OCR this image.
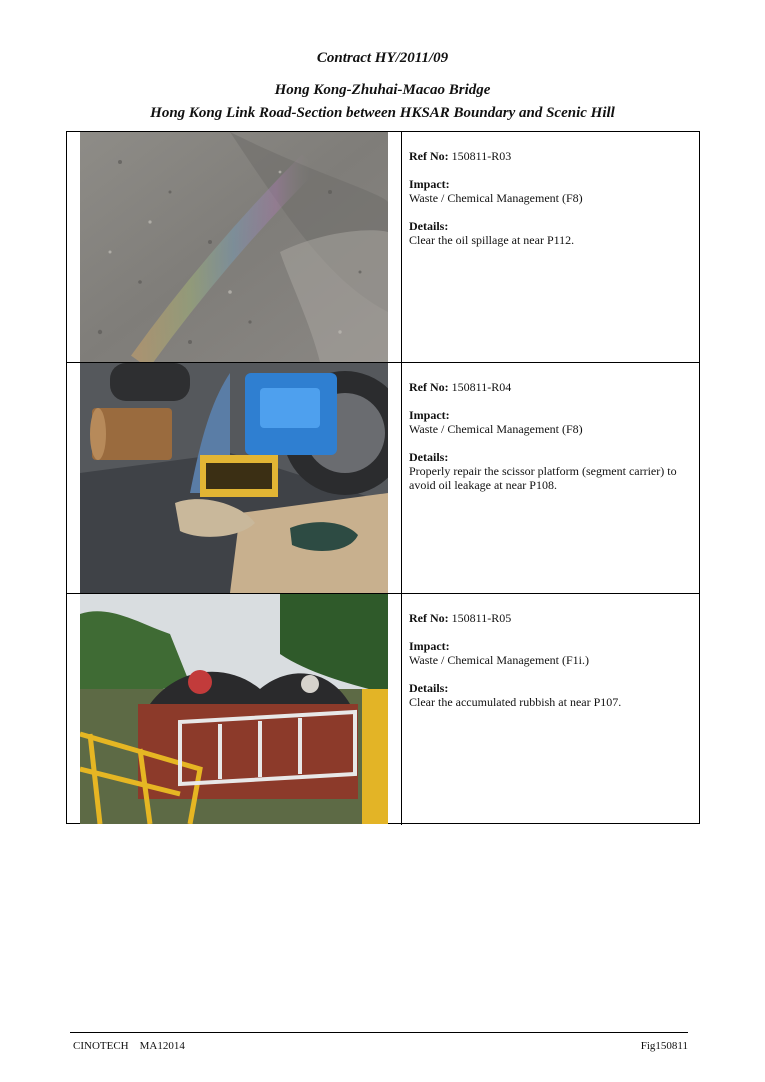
Contract HY/2011/09
Hong Kong-Zhuhai-Macao Bridge
Hong Kong Link Road-Section between HKSAR Boundary and Scenic Hill
Ref No: 150811-R03
Impact:
Waste / Chemical Management (F8)
Details:
Clear the oil spillage at near P112.
Ref No: 150811-R04
Impact:
Waste / Chemical Management (F8)
Details:
Properly repair the scissor platform (segment carrier) to avoid oil leakage at near P108.
Ref No: 150811-R05
Impact:
Waste / Chemical Management (F1i.)
Details:
Clear the accumulated rubbish at near P107.
CINOTECH    MA12014	Fig150811
